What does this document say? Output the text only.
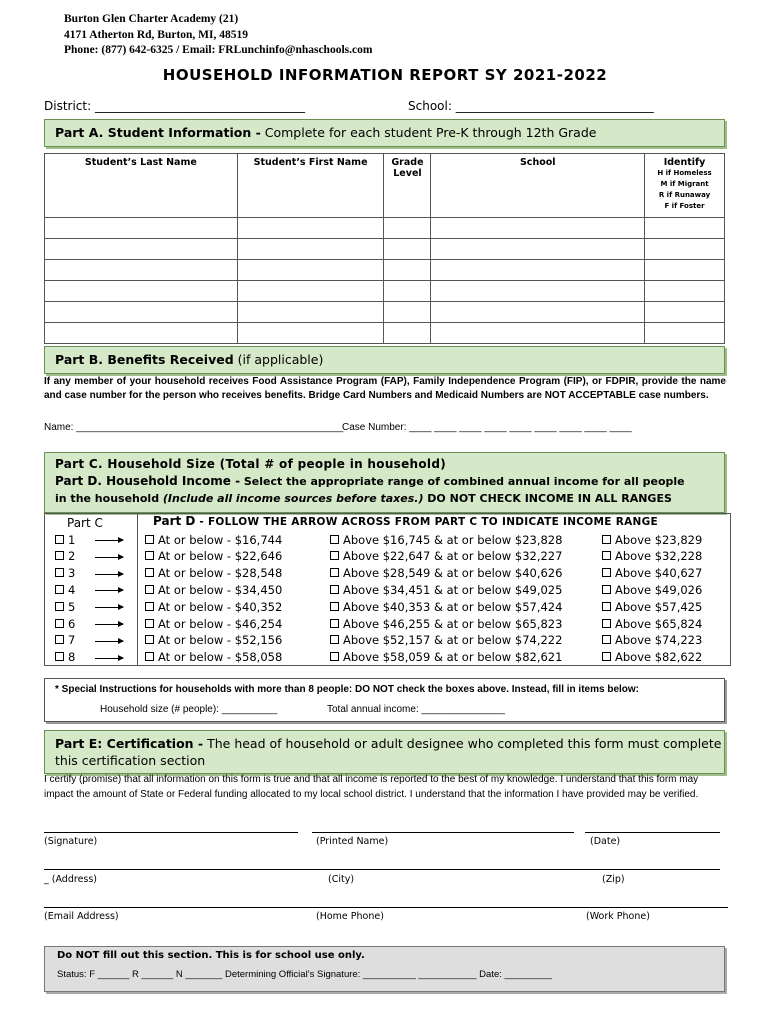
Burton Glen Charter Academy (21)
4171 Atherton Rd, Burton, MI, 48519
Phone: (877) 642-6325 / Email: FRLunchinfo@nhaschools.com
HOUSEHOLD INFORMATION REPORT SY 2021-2022
District: ___________________________________	School: _________________________________
Part A. Student Information - Complete for each student Pre-K through 12th Grade
Student’s Last Name	Student’s First Name	Grade Level	School	Identify
H if Homeless
M if Migrant
R if Runaway
F if Foster

Part B. Benefits Received (if applicable)
If any member of your household receives Food Assistance Program (FAP), Family Independence Program (FIP), or FDPIR, provide the name and case number for the person who receives benefits. Bridge Card Numbers and Medicaid Numbers are NOT ACCEPTABLE case numbers.
Name: ________________________________________________
Case Number: ____ ____ ____ ____ ____ ____ ____ ____ ____
Part C. Household Size (Total # of people in household)
Part D. Household Income - Select the appropriate range of combined annual income for all people
in the household (Include all income sources before taxes.) DO NOT CHECK INCOME IN ALL RANGES
Part C	Part D - FOLLOW THE ARROW ACROSS FROM PART C TO INDICATE INCOME RANGE
1	At or below - $16,744	Above $16,745 & at or below $23,828	Above $23,829
2	At or below - $22,646	Above $22,647 & at or below $32,227	Above $32,228
3	At or below - $28,548	Above $28,549 & at or below $40,626	Above $40,627
4	At or below - $34,450	Above $34,451 & at or below $49,025	Above $49,026
5	At or below - $40,352	Above $40,353 & at or below $57,424	Above $57,425
6	At or below - $46,254	Above $46,255 & at or below $65,823	Above $65,824
7	At or below - $52,156	Above $52,157 & at or below $74,222	Above $74,223
8	At or below - $58,058	Above $58,059 & at or below $82,621	Above $82,622
* Special Instructions for households with more than 8 people: DO NOT check the boxes above. Instead, fill in items below:
Household size (# people): __________	Total annual income: _______________
Part E: Certification - The head of household or adult designee who completed this form must complete this certification section
I certify (promise) that all information on this form is true and that all income is reported to the best of my knowledge. I understand that this form may impact the amount of State or Federal funding allocated to my local school district. I understand that the information I have provided may be verified.
(Signature)	(Printed Name)	(Date)
_ (Address)	(City)	(Zip)
(Email Address)	(Home Phone)	(Work Phone)
Do NOT fill out this section. This is for school use only.
Status: F ______ R ______ N _______ Determining Official’s Signature: __________ ___________ Date: _________
